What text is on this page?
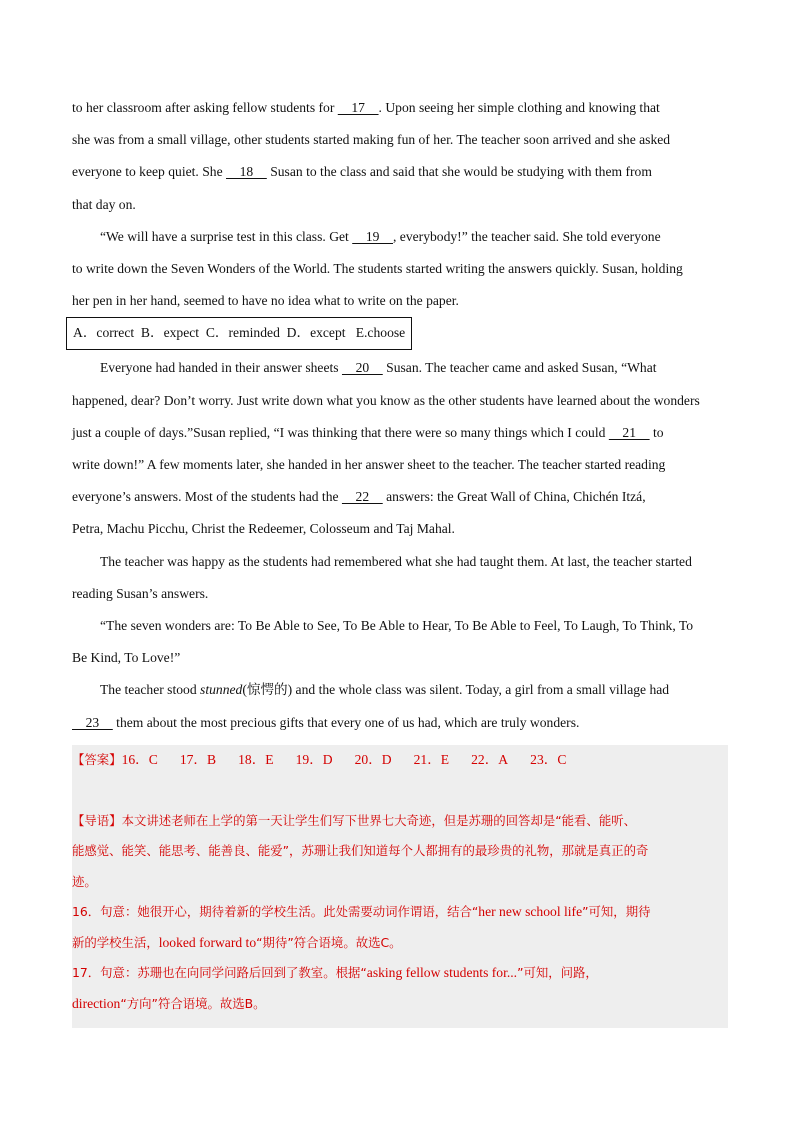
to her classroom after asking fellow students for     17    . Upon seeing her simple clothing and knowing that
she was from a small village, other students started making fun of her. The teacher soon arrived and she asked
everyone to keep quiet. She     18     Susan to the class and said that she would be studying with them from
that day on.
“We will have a surprise test in this class. Get     19    , everybody!” the teacher said. She told everyone
to write down the Seven Wonders of the World. The students started writing the answers quickly. Susan, holding
her pen in her hand, seemed to have no idea what to write on the paper.
A．correct  B．expect  C．reminded  D．except   E.choose
Everyone had handed in their answer sheets     20     Susan. The teacher came and asked Susan, “What
happened, dear? Don’t worry. Just write down what you know as the other students have learned about the wonders
just a couple of days.”Susan replied, “I was thinking that there were so many things which I could     21     to
write down!” A few moments later, she handed in her answer sheet to the teacher. The teacher started reading
everyone’s answers. Most of the students had the     22     answers: the Great Wall of China, Chichén Itzá,
Petra, Machu Picchu, Christ the Redeemer, Colosseum and Taj Mahal.
The teacher was happy as the students had remembered what she had taught them. At last, the teacher started
reading Susan’s answers.
“The seven wonders are: To Be Able to See, To Be Able to Hear, To Be Able to Feel, To Laugh, To Think, To
Be Kind, To Love!”
The teacher stood stunned(惊愕的) and the whole class was silent. Today, a girl from a small village had
23     them about the most precious gifts that every one of us had, which are truly wonders.
【答案】16．C 17．B 18．E 19．D 20．D 21．E 22．A 23．C
【导语】本文讲述老师在上学的第一天让学生们写下世界七大奇迹，但是苏珊的回答却是“能看、能听、
能感觉、能笑、能思考、能善良、能爱”，苏珊让我们知道每个人都拥有的最珍贵的礼物，那就是真正的奇
迹。
16．句意：她很开心，期待着新的学校生活。此处需要动词作谓语，结合“her new school life”可知，期待
新的学校生活，looked forward to“期待”符合语境。故选C。
17．句意：苏珊也在向同学问路后回到了教室。根据“asking fellow students for...”可知，问路，
direction“方向”符合语境。故选B。
